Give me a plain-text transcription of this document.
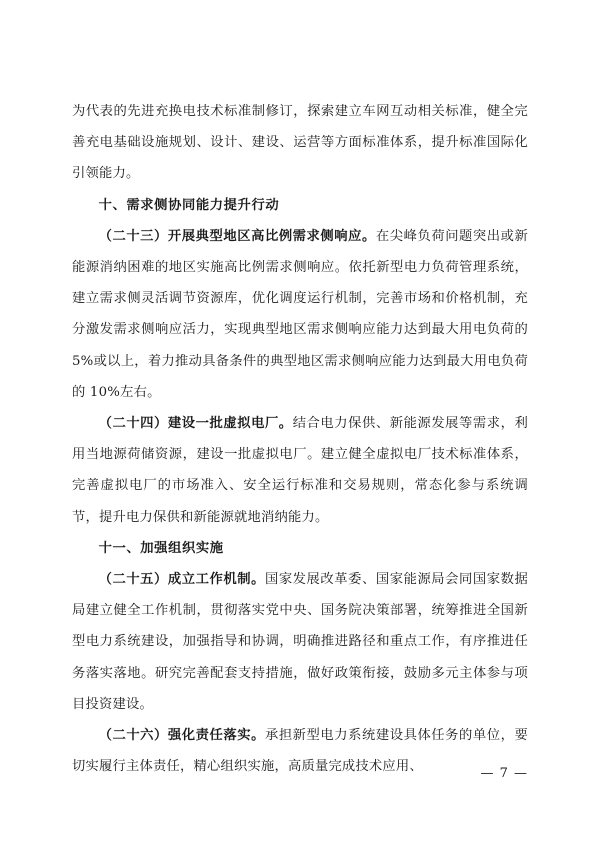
为代表的先进充换电技术标准制修订，探索建立车网互动相关标准，健全完善充电基础设施规划、设计、建设、运营等方面标准体系，提升标准国际化引领能力。

十、需求侧协同能力提升行动

（二十三）开展典型地区高比例需求侧响应。在尖峰负荷问题突出或新能源消纳困难的地区实施高比例需求侧响应。依托新型电力负荷管理系统，建立需求侧灵活调节资源库，优化调度运行机制，完善市场和价格机制，充分激发需求侧响应活力，实现典型地区需求侧响应能力达到最大用电负荷的 5%或以上，着力推动具备条件的典型地区需求侧响应能力达到最大用电负荷的 10%左右。

（二十四）建设一批虚拟电厂。结合电力保供、新能源发展等需求，利用当地源荷储资源，建设一批虚拟电厂。建立健全虚拟电厂技术标准体系，完善虚拟电厂的市场准入、安全运行标准和交易规则，常态化参与系统调节，提升电力保供和新能源就地消纳能力。

十一、加强组织实施

（二十五）成立工作机制。国家发展改革委、国家能源局会同国家数据局建立健全工作机制，贯彻落实党中央、国务院决策部署，统筹推进全国新型电力系统建设，加强指导和协调，明确推进路径和重点工作，有序推进任务落实落地。研究完善配套支持措施，做好政策衔接，鼓励多元主体参与项目投资建设。

（二十六）强化责任落实。承担新型电力系统建设具体任务的单位，要切实履行主体责任，精心组织实施，高质量完成技术应用、	— 7 —
